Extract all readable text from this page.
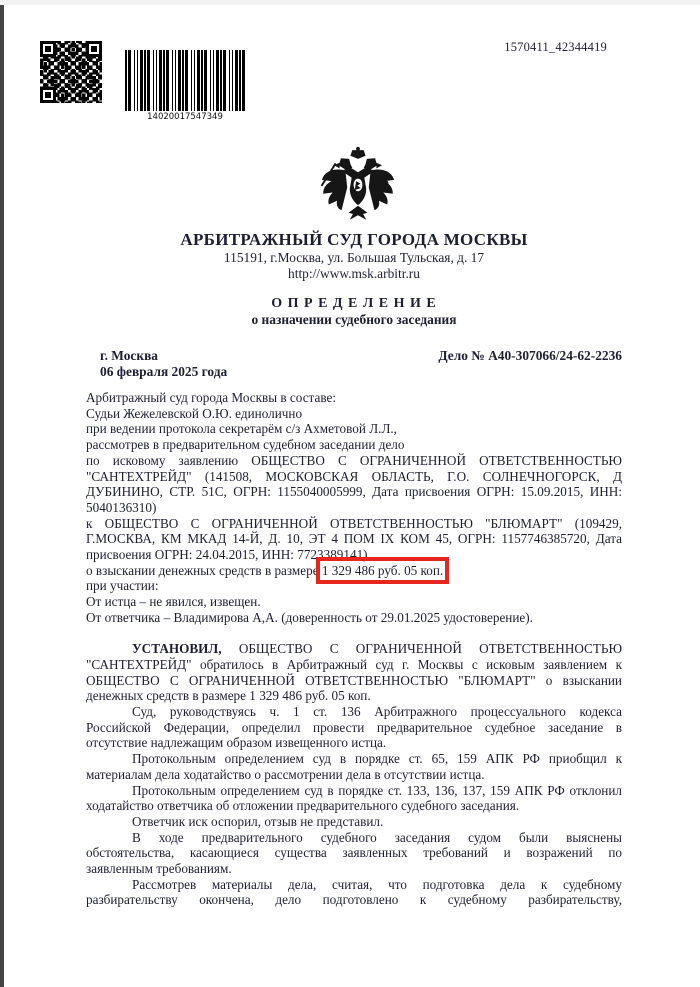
14020017547349
1570411_42344419
АРБИТРАЖНЫЙ СУД ГОРОДА МОСКВЫ
115191, г.Москва, ул. Большая Тульская, д. 17
http://www.msk.arbitr.ru
О П Р Е Д Е Л Е Н И Е
о назначении судебного заседания
г. Москва
06 февраля 2025 года
Дело № А40-307066/24-62-2236
Арбитражный суд города Москвы в составе:
Судьи Жежелевской О.Ю. единолично
при ведении протокола секретарём с/з Ахметовой Л.Л.,
рассмотрев в предварительном судебном заседании дело
по исковому заявлению ОБЩЕСТВО С ОГРАНИЧЕННОЙ ОТВЕТСТВЕННОСТЬЮ
"САНТЕХТРЕЙД" (141508, МОСКОВСКАЯ ОБЛАСТЬ, Г.О. СОЛНЕЧНОГОРСК, Д
ДУБИНИНО, СТР. 51С, ОГРН: 1155040005999, Дата присвоения ОГРН: 15.09.2015, ИНН:
5040136310)
к ОБЩЕСТВО С ОГРАНИЧЕННОЙ ОТВЕТСТВЕННОСТЬЮ "БЛЮМАРТ" (109429,
Г.МОСКВА, КМ МКАД 14-Й, Д. 10, ЭТ 4 ПОМ IX КОМ 45, ОГРН: 1157746385720, Дата
присвоения ОГРН: 24.04.2015, ИНН: 7723389141)
о взыскании денежных средств в размере 1 329 486 руб. 05 коп.
при участии:
От истца – не явился, извещен.
От ответчика – Владимирова А,А. (доверенность от 29.01.2025 удостоверение).
УСТАНОВИЛ, ОБЩЕСТВО С ОГРАНИЧЕННОЙ ОТВЕТСТВЕННОСТЬЮ
"САНТЕХТРЕЙД" обратилось в Арбитражный суд г. Москвы с исковым заявлением к
ОБЩЕСТВО С ОГРАНИЧЕННОЙ ОТВЕТСТВЕННОСТЬЮ "БЛЮМАРТ" о взыскании
денежных средств в размере 1 329 486 руб. 05 коп.
Суд, руководствуясь ч. 1 ст. 136 Арбитражного процессуального кодекса
Российской Федерации, определил провести предварительное судебное заседание в
отсутствие надлежащим образом извещенного истца.
Протокольным определением суд в порядке ст. 65, 159 АПК РФ приобщил к
материалам дела ходатайство о рассмотрении дела в отсутствии истца.
Протокольным определением суд в порядке ст. 133, 136, 137, 159 АПК РФ отклонил
ходатайство ответчика об отложении предварительного судебного заседания.
Ответчик иск оспорил, отзыв не представил.
В ходе предварительного судебного заседания судом были выяснены
обстоятельства, касающиеся существа заявленных требований и возражений по
заявленным требованиям.
Рассмотрев материалы дела, считая, что подготовка дела к судебному
разбирательству окончена, дело подготовлено к судебному разбирательству,
